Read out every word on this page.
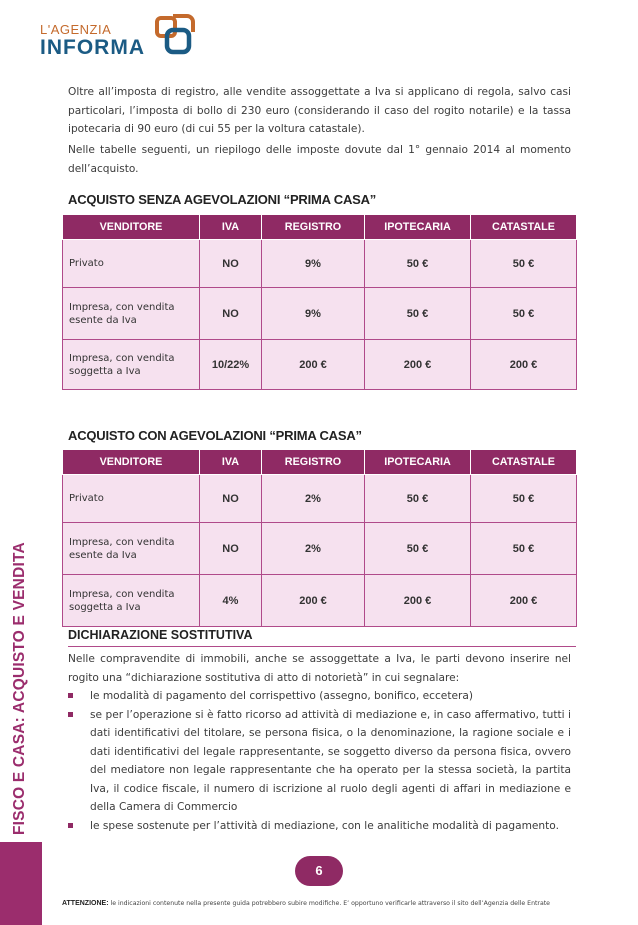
L'AGENZIA
INFORMA
FISCO E CASA: ACQUISTO E VENDITA

Oltre all’imposta di registro, alle vendite assoggettate a Iva si applicano di regola, salvo casi particolari, l’imposta di bollo di 230 euro (considerando il caso del rogito notarile) e la tassa ipotecaria di 90 euro (di cui 55 per la voltura catastale).

Nelle tabelle seguenti, un riepilogo delle imposte dovute dal 1° gennaio 2014 al momento dell’acquisto.

ACQUISTO SENZA AGEVOLAZIONI “PRIMA CASA”
VENDITORE	IVA	REGISTRO	IPOTECARIA	CATASTALE
Privato	NO	9%	50 €	50 €
Impresa, con vendita esente da Iva	NO	9%	50 €	50 €
Impresa, con vendita soggetta a Iva	10/22%	200 €	200 €	200 €
ACQUISTO CON AGEVOLAZIONI “PRIMA CASA”
VENDITORE	IVA	REGISTRO	IPOTECARIA	CATASTALE
Privato	NO	2%	50 €	50 €
Impresa, con vendita esente da Iva	NO	2%	50 €	50 €
Impresa, con vendita soggetta a Iva	4%	200 €	200 €	200 €
DICHIARAZIONE SOSTITUTIVA

Nelle compravendite di immobili, anche se assoggettate a Iva, le parti devono inserire nel rogito una “dichiarazione sostitutiva di atto di notorietà” in cui segnalare:

le modalità di pagamento del corrispettivo (assegno, bonifico, eccetera)
se per l’operazione si è fatto ricorso ad attività di mediazione e, in caso affermativo, tutti i dati identificativi del titolare, se persona fisica, o la denominazione, la ragione sociale e i dati identificativi del legale rappresentante, se soggetto diverso da persona fisica, ovvero del mediatore non legale rappresentante che ha operato per la stessa società, la partita Iva, il codice fiscale, il numero di iscrizione al ruolo degli agenti di affari in mediazione e della Camera di Commercio
le spese sostenute per l’attività di mediazione, con le analitiche modalità di pagamento.
6
ATTENZIONE: le indicazioni contenute nella presente guida potrebbero subire modifiche. E’ opportuno verificarle attraverso il sito dell’Agenzia delle Entrate
